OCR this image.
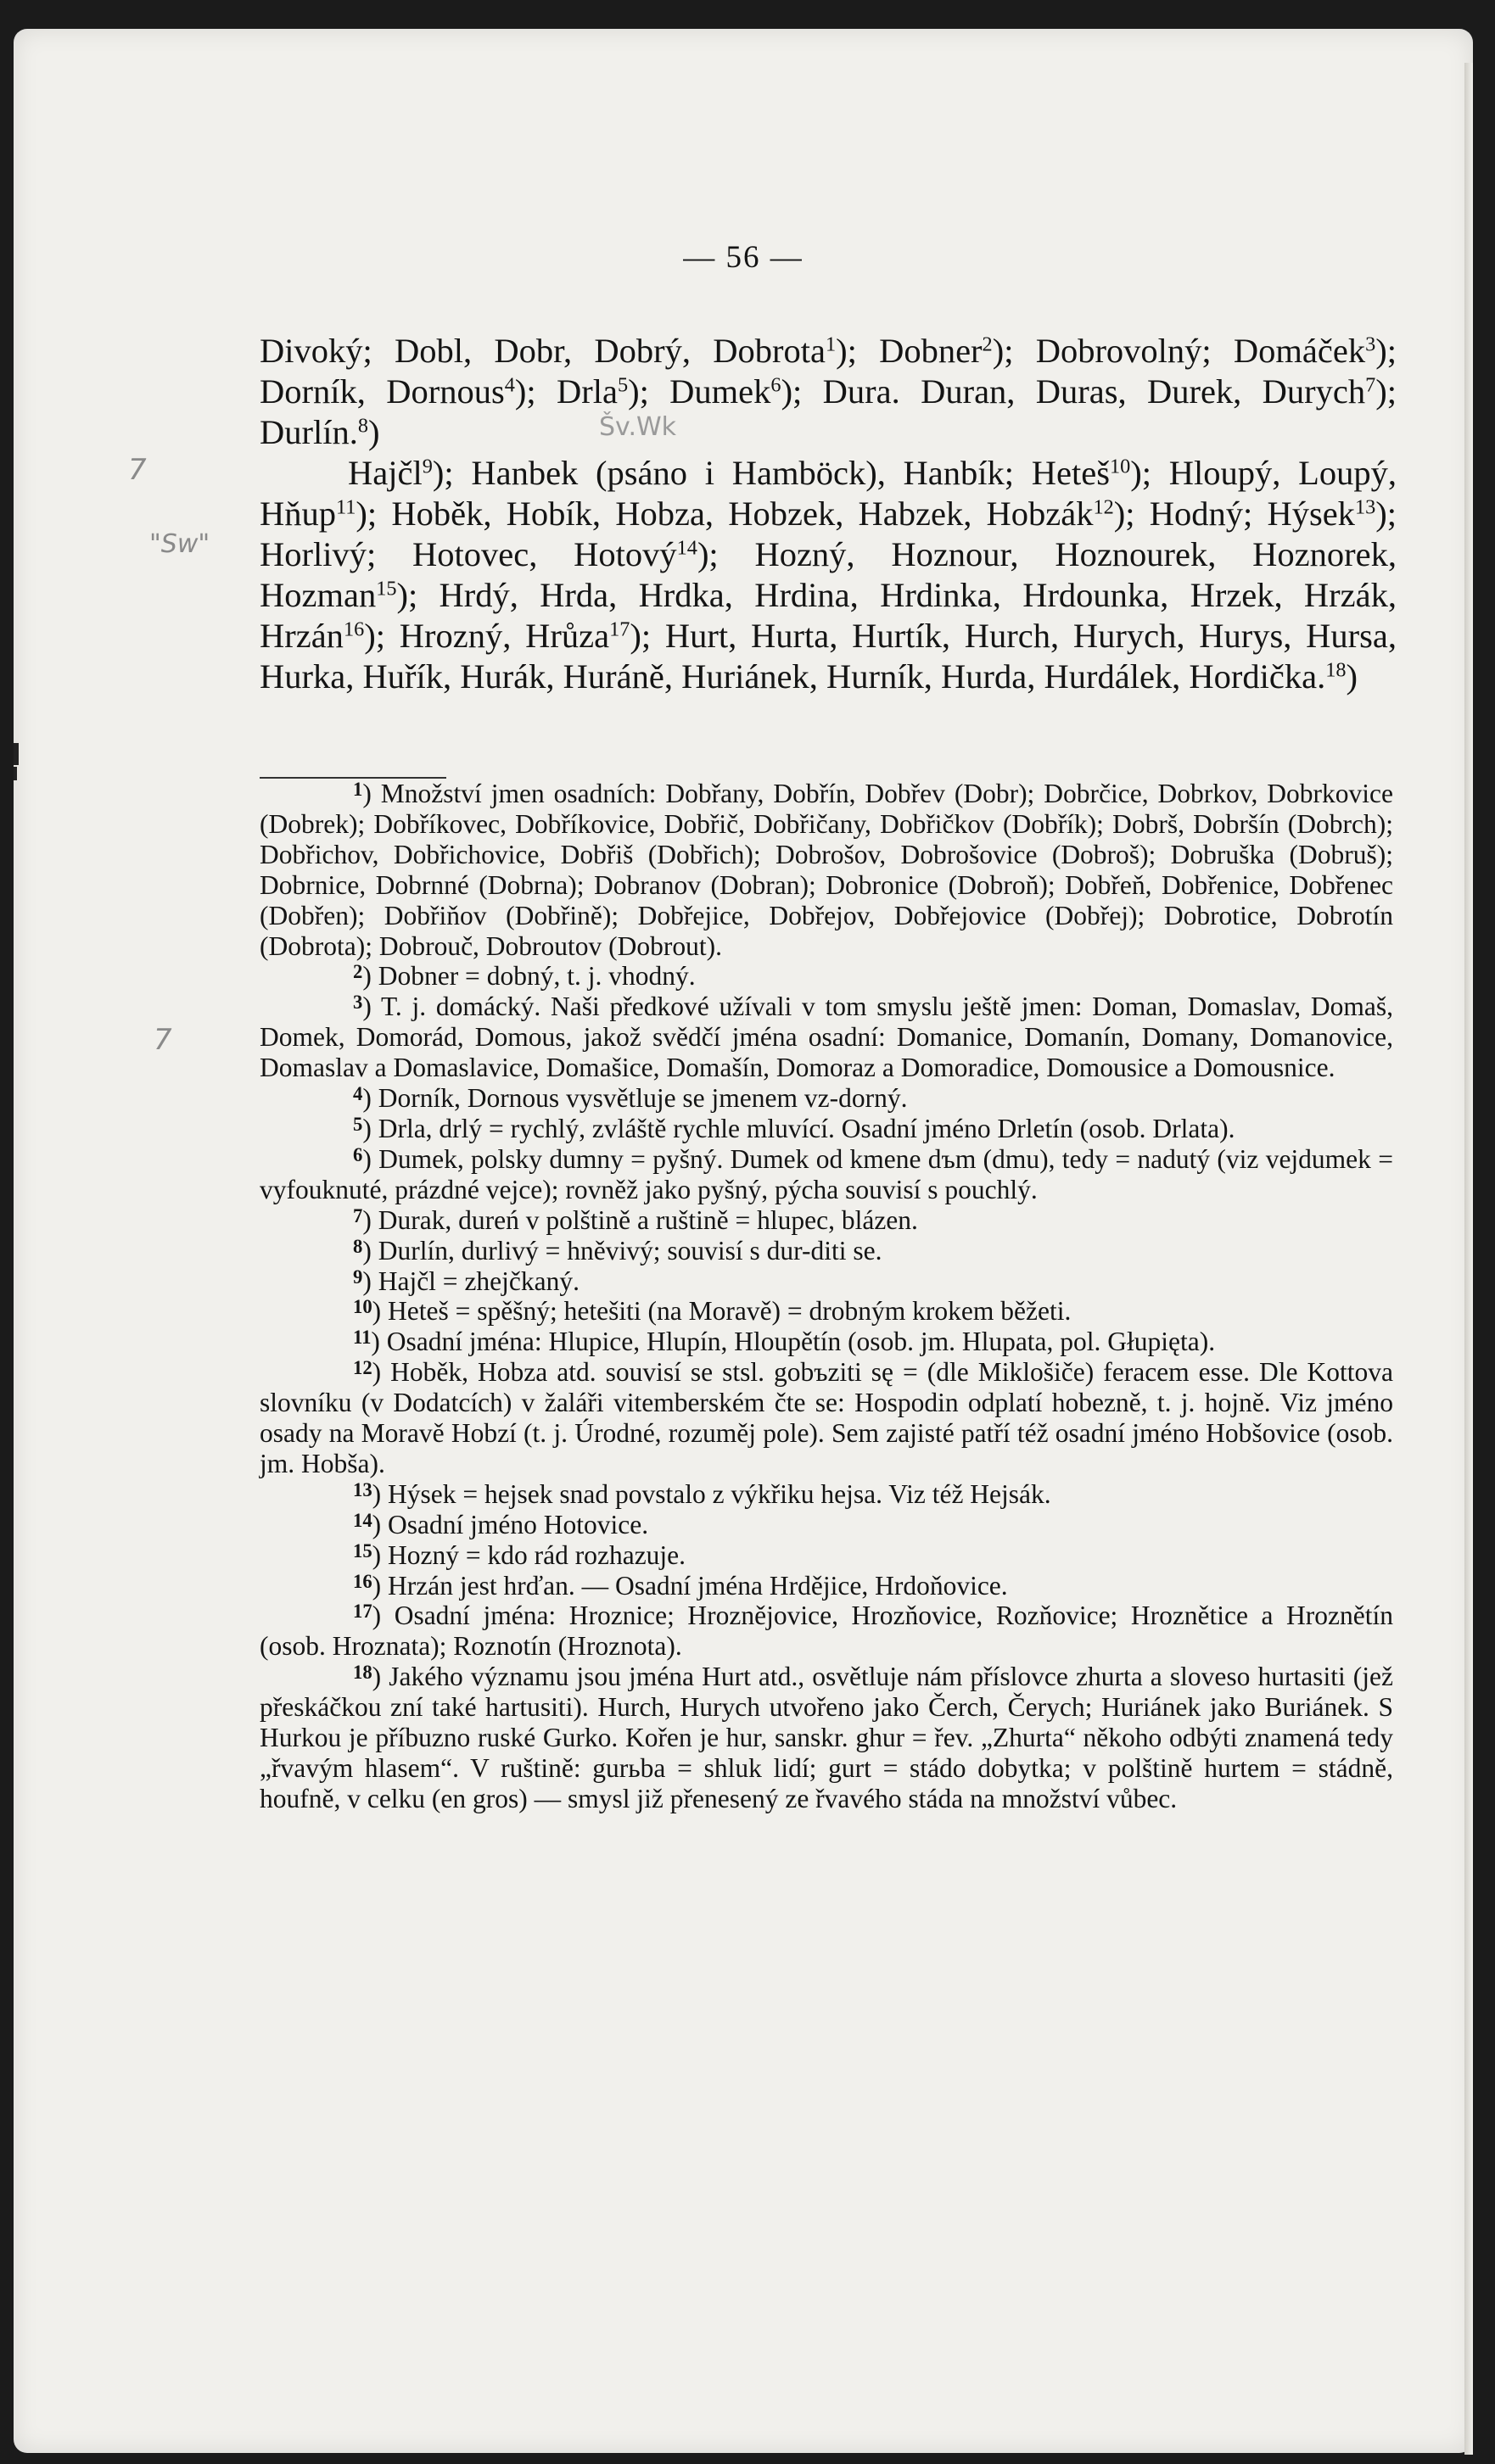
— 56 —

Divoký; Dobl, Dobr, Dobrý, Dobrota$^1$); Dobner$^2$); Dobrovolný; Domáček$^3$); Dorník, Dornous$^4$); Drla$^5$); Dumek$^6$); Dura. Duran, Duras, Durek, Durych$^7$); Durlín.$^8$)

Hajčl$^9$); Hanbek (psáno i Hamböck), Hanbík; Heteš$^{10}$); Hloupý, Loupý, Hňup$^{11}$); Hoběk, Hobík, Hobza, Hobzek, Habzek, Hobzák$^{12}$); Hodný; Hýsek$^{13}$); Horlivý; Hotovec, Hotový$^{14}$); Hozný, Hoznour, Hoznourek, Hoznorek, Hozman$^{15}$); Hrdý, Hrda, Hrdka, Hrdina, Hrdinka, Hrdounka, Hrzek, Hrzák, Hrzán$^{16}$); Hrozný, Hrůza$^{17}$); Hurt, Hurta, Hurtík, Hurch, Hurych, Hurys, Hursa, Hurka, Huřík, Hurák, Huráně, Huriánek, Hurník, Hurda, Hurdálek, Hordička.$^{18}$)

$^1$) Množství jmen osadních: Dobřany, Dobřín, Dobřev (Dobr); Dobrčice, Dobrkov, Dobrkovice (Dobrek); Dobříkovec, Dobříkovice, Dobřič, Dobřičany, Dobřičkov (Dobřík); Dobrš, Dobršín (Dobrch); Dobřichov, Dobřichovice, Dobřiš (Dobřich); Dobrošov, Dobrošovice (Dobroš); Dobruška (Dobruš); Dobrnice, Dobrnné (Dobrna); Dobranov (Dobran); Dobronice (Dobroň); Dobřeň, Dobřenice, Dobřenec (Dobřen); Dobřiňov (Dobřině); Dobřejice, Dobřejov, Dobřejovice (Dobřej); Dobrotice, Dobrotín (Dobrota); Dobrouč, Dobroutov (Dobrout).

$^2$) Dobner = dobný, t. j. vhodný.

$^3$) T. j. domácký. Naši předkové užívali v tom smyslu ještě jmen: Doman, Domaslav, Domaš, Domek, Domorád, Domous, jakož svědčí jména osadní: Domanice, Domanín, Domany, Domanovice, Domaslav a Domaslavice, Domašice, Domašín, Domoraz a Domoradice, Domousice a Domousnice.

$^4$) Dorník, Dornous vysvětluje se jmenem vz-dorný.

$^5$) Drla, drlý = rychlý, zvláště rychle mluvící. Osadní jméno Drletín (osob. Drlata).

$^6$) Dumek, polsky dumny = pyšný. Dumek od kmene dъm (dmu), tedy = nadutý (viz vejdumek = vyfouknuté, prázdné vejce); rovněž jako pyšný, pýcha souvisí s pouchlý.

$^7$) Durak, dureń v polštině a ruštině = hlupec, blázen.

$^8$) Durlín, durlivý = hněvivý; souvisí s dur-diti se.

$^9$) Hajčl = zhejčkaný.

$^{10}$) Heteš = spěšný; hetešiti (na Moravě) = drobným krokem běžeti.

$^{11}$) Osadní jména: Hlupice, Hlupín, Hloupětín (osob. jm. Hlupata, pol. Głupięta).

$^{12}$) Hoběk, Hobza atd. souvisí se stsl. gobъziti sę = (dle Miklošiče) feracem esse. Dle Kottova slovníku (v Dodatcích) v žaláři vitemberském čte se: Hospodin odplatí hobezně, t. j. hojně. Viz jméno osady na Moravě Hobzí (t. j. Úrodné, rozuměj pole). Sem zajisté patří též osadní jméno Hobšovice (osob. jm. Hobša).

$^{13}$) Hýsek = hejsek snad povstalo z výkřiku hejsa. Viz též Hejsák.

$^{14}$) Osadní jméno Hotovice.

$^{15}$) Hozný = kdo rád rozhazuje.

$^{16}$) Hrzán jest hrďan. — Osadní jména Hrdějice, Hrdoňovice.

$^{17}$) Osadní jména: Hroznice; Hroznějovice, Hrozňovice, Rozňovice; Hroznětice a Hroznětín (osob. Hroznata); Roznotín (Hroznota).

$^{18}$) Jakého významu jsou jména Hurt atd., osvětluje nám příslovce zhurta a sloveso hurtasiti (jež přeskáčkou zní také hartusiti). Hurch, Hurych utvořeno jako Čerch, Čerych; Huriánek jako Buriánek. S Hurkou je příbuzno ruské Gurko. Kořen je hur, sanskr. ghur = řev. „Zhurta“ někoho odbýti znamená tedy „řvavým hlasem“. V ruštině: gurьba = shluk lidí; gurt = stádo dobytka; v polštině hurtem = stádně, houfně, v celku (en gros) — smysl již přenesený ze řvavého stáda na množství vůbec.

7
"Sw"
7
Šv.Wk
